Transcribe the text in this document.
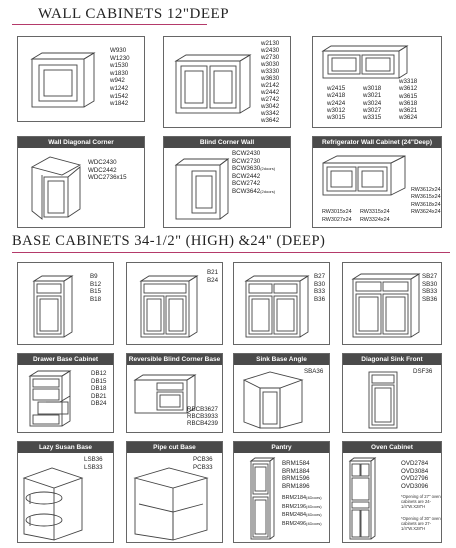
WALL CABINETS 12"DEEP
W930
W1230
w1530
w1830
w942
w1242
w1542
w1842
w2130
w2430
w2730
w3030
w3330
w3630
w2142
w2442
w2742
w3042
w3342
w3642
w2415
w2418
w2424
w3012
w3015
w3018
w3021
w3024
w3027
w3315
w3318
w3612
w3615
w3618
w3621
w3624
Wall Diagonal Corner
WDC2430
WDC2442
WDC2736x15
Blind Corner Wall
BCW2430
BCW2730
BCW3630(2doors)
BCW2442
BCW2742
BCW3642(2doors)
Refrigerator Wall Cabinet (24"Deep)
RW3612x24
RW3615x24
RW3618x24
RW3624x24
RW3015x24
RW3027x24
RW3315x24
RW3324x24
BASE CABINETS 34-1/2" (HIGH) &24" (DEEP)
B9
B12
B15
B18
B21
B24
B27
B30
B33
B36
SB27
SB30
SB33
SB36
Drawer Base Cabinet
DB12
DB15
DB18
DB21
DB24
Reversible Blind Corner Base
RBCB3627
RBCB3933
RBCB4239
Sink Base Angle
SBA36
Diagonal Sink Front
DSF36
Lazy Susan Base
LSB36
LSB33
Pipe cut Base
PCB36
PCB33
Pantry
BRM1584
BRM1884
BRM1596
BRM1896
BRM2184(4Doors)
BRM2196(4Doors)
BRM2484(4Doors)
BRM2496(4Doors)
Oven Cabinet
OVD2784
OVD3084
OVD2796
OVD3096
*Opening of 27" oven cabinets are 24-1/4"W.X28"H
*Opening of 30" oven cabinets are 27-1/4"W.X28"H
